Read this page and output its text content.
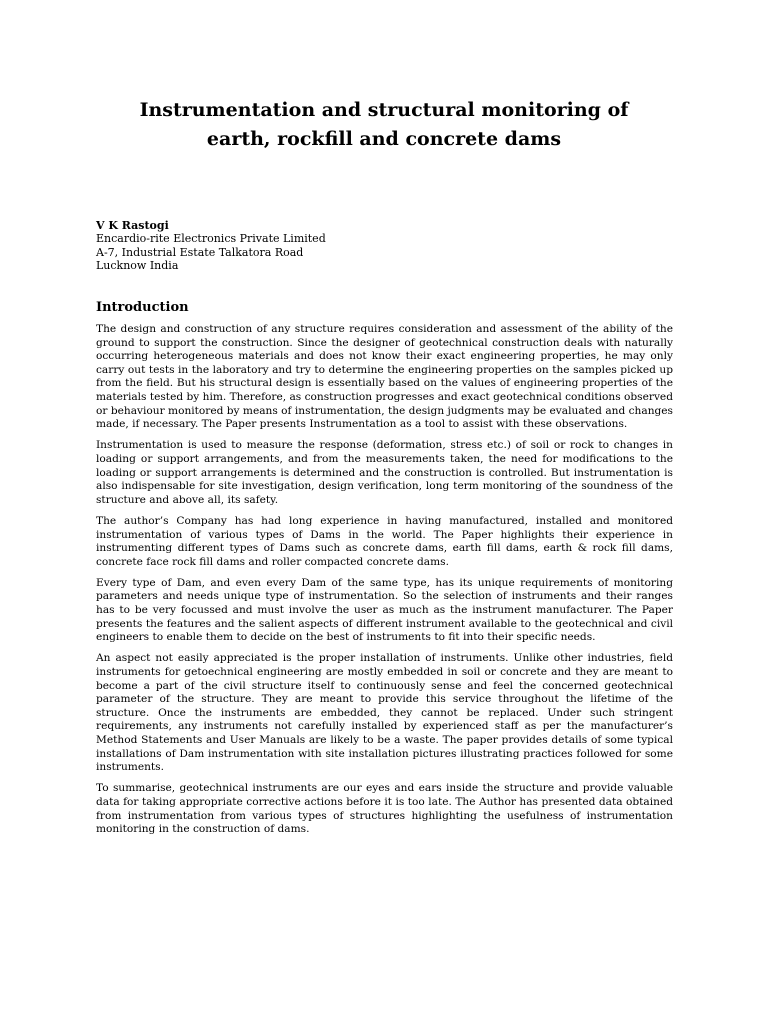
Instrumentation and structural monitoring of
earth, rockfill and concrete dams
V K Rastogi
Encardio-rite Electronics Private Limited
A-7, Industrial Estate Talkatora Road
Lucknow India
Introduction

The design and construction of any structure requires consideration and assessment of the ability of the ground to support the construction. Since the designer of geotechnical construction deals with naturally occurring heterogeneous materials and does not know their exact engineering properties, he may only carry out tests in the laboratory and try to determine the engineering properties on the samples picked up from the field. But his structural design is essentially based on the values of engineering properties of the materials tested by him. Therefore, as construction progresses and exact geotechnical conditions observed or behaviour monitored by means of instrumentation, the design judgments may be evaluated and changes made, if necessary. The Paper presents Instrumentation as a tool to assist with these observations.

Instrumentation is used to measure the response (deformation, stress etc.) of soil or rock to changes in loading or support arrangements, and from the measurements taken, the need for modifications to the loading or support arrangements is determined and the construction is controlled. But instrumentation is also indispensable for site investigation, design verification, long term monitoring of the soundness of the structure and above all, its safety.

The author’s Company has had long experience in having manufactured, installed and monitored instrumentation of various types of Dams in the world. The Paper highlights their experience in instrumenting different types of Dams such as concrete dams, earth fill dams, earth & rock fill dams, concrete face rock fill dams and roller compacted concrete dams.

Every type of Dam, and even every Dam of the same type, has its unique requirements of monitoring parameters and needs unique type of instrumentation. So the selection of instruments and their ranges has to be very focussed and must involve the user as much as the instrument manufacturer. The Paper presents the features and the salient aspects of different instrument available to the geotechnical and civil engineers to enable them to decide on the best of instruments to fit into their specific needs.

An aspect not easily appreciated is the proper installation of instruments. Unlike other industries, field instruments for getoechnical engineering are mostly embedded in soil or concrete and they are meant to become a part of the civil structure itself to continuously sense and feel the concerned geotechnical parameter of the structure. They are meant to provide this service throughout the lifetime of the structure. Once the instruments are embedded, they cannot be replaced. Under such stringent requirements, any instruments not carefully installed by experienced staff as per the manufacturer’s Method Statements and User Manuals are likely to be a waste. The paper provides details of some typical installations of Dam instrumentation with site installation pictures illustrating practices followed for some instruments.

To summarise, geotechnical instruments are our eyes and ears inside the structure and provide valuable data for taking appropriate corrective actions before it is too late. The Author has presented data obtained from instrumentation from various types of structures highlighting the usefulness of instrumentation monitoring in the construction of dams.
